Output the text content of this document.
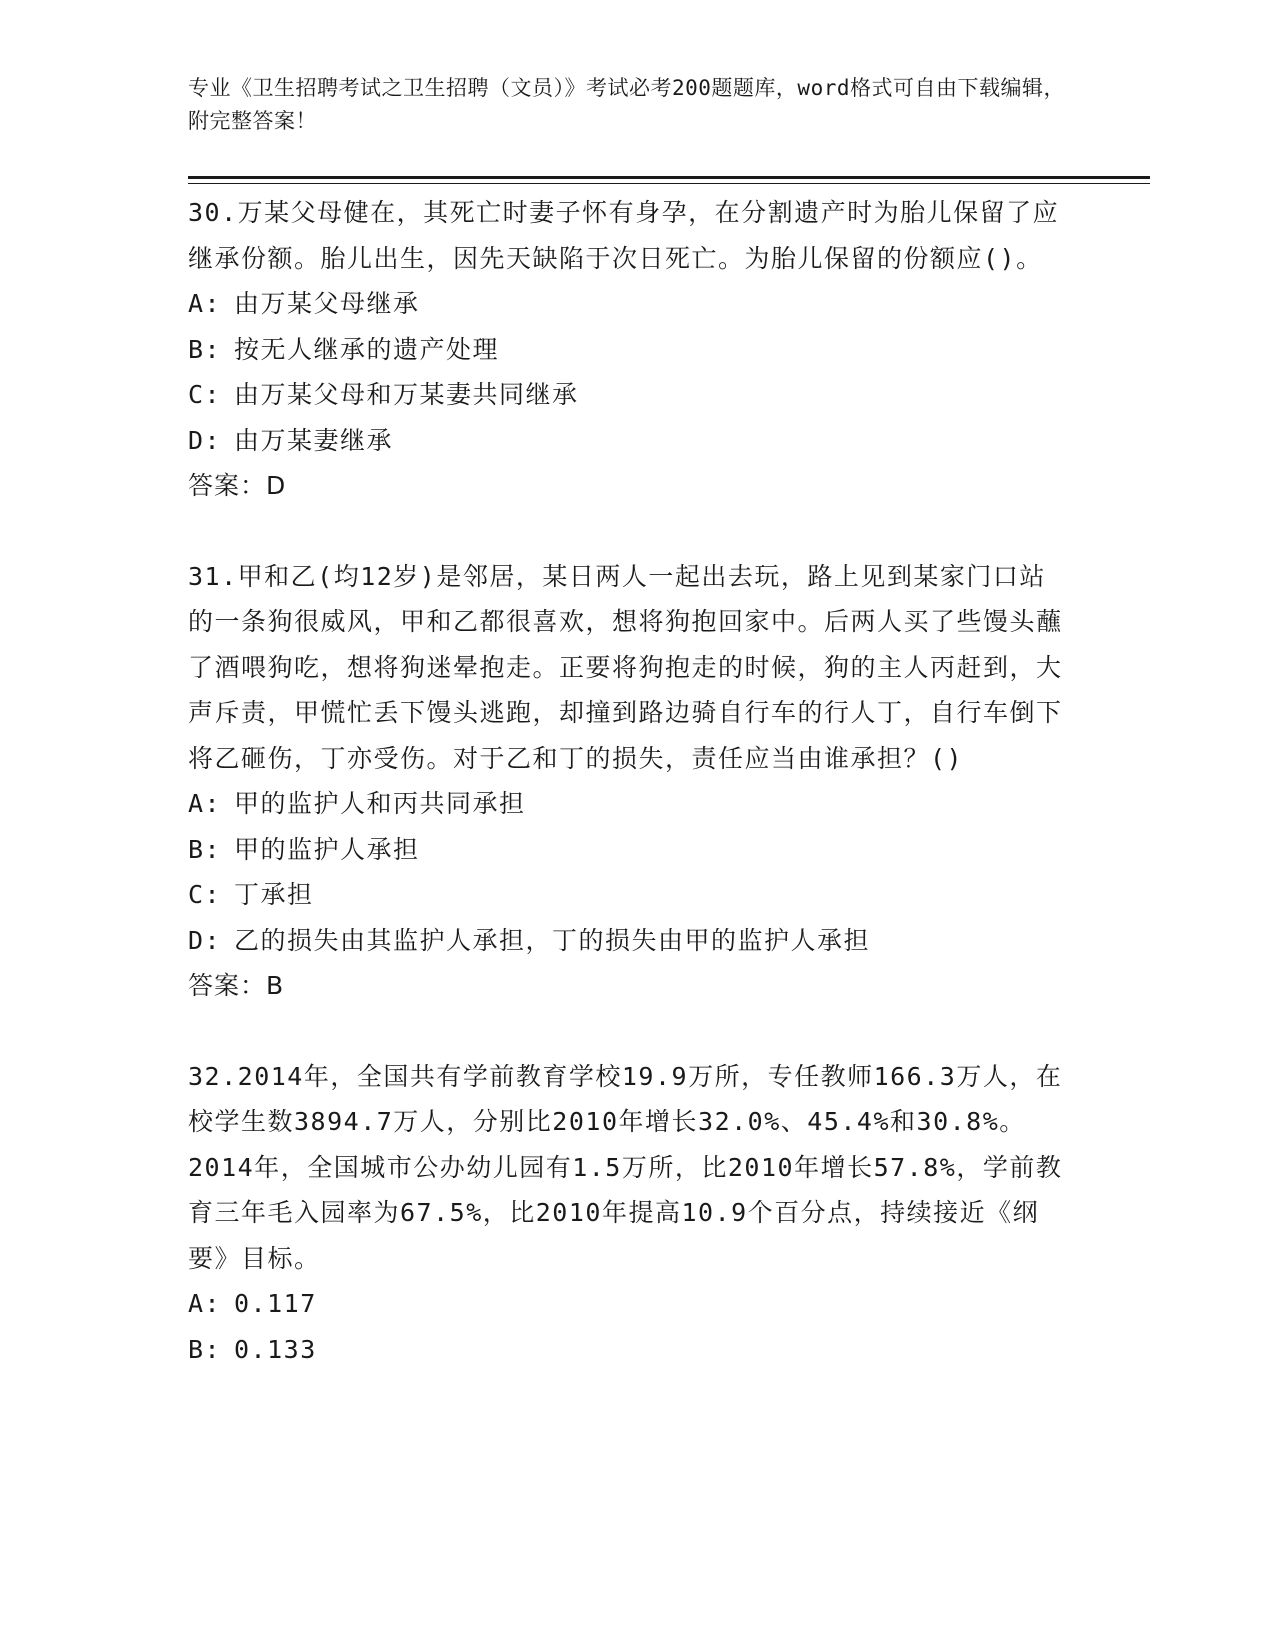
专业《卫生招聘考试之卫生招聘（文员）》考试必考200题题库，word格式可自由下载编辑，附完整答案！

30.万某父母健在，其死亡时妻子怀有身孕，在分割遗产时为胎儿保留了应继承份额。胎儿出生，因先天缺陷于次日死亡。为胎儿保留的份额应()。

A: 由万某父母继承
B: 按无人继承的遗产处理
C: 由万某父母和万某妻共同继承
D: 由万某妻继承

答案：D

31.甲和乙(均12岁)是邻居，某日两人一起出去玩，路上见到某家门口站的一条狗很威风，甲和乙都很喜欢，想将狗抱回家中。后两人买了些馒头蘸了酒喂狗吃，想将狗迷晕抱走。正要将狗抱走的时候，狗的主人丙赶到，大声斥责，甲慌忙丢下馒头逃跑，却撞到路边骑自行车的行人丁，自行车倒下将乙砸伤，丁亦受伤。对于乙和丁的损失，责任应当由谁承担？()

A: 甲的监护人和丙共同承担
B: 甲的监护人承担
C: 丁承担
D: 乙的损失由其监护人承担，丁的损失由甲的监护人承担

答案：B

32.2014年，全国共有学前教育学校19.9万所，专任教师166.3万人，在校学生数3894.7万人，分别比2010年增长32.0%、45.4%和30.8%。2014年，全国城市公办幼儿园有1.5万所，比2010年增长57.8%，学前教育三年毛入园率为67.5%，比2010年提高10.9个百分点，持续接近《纲要》目标。

A: 0.117
B: 0.133
